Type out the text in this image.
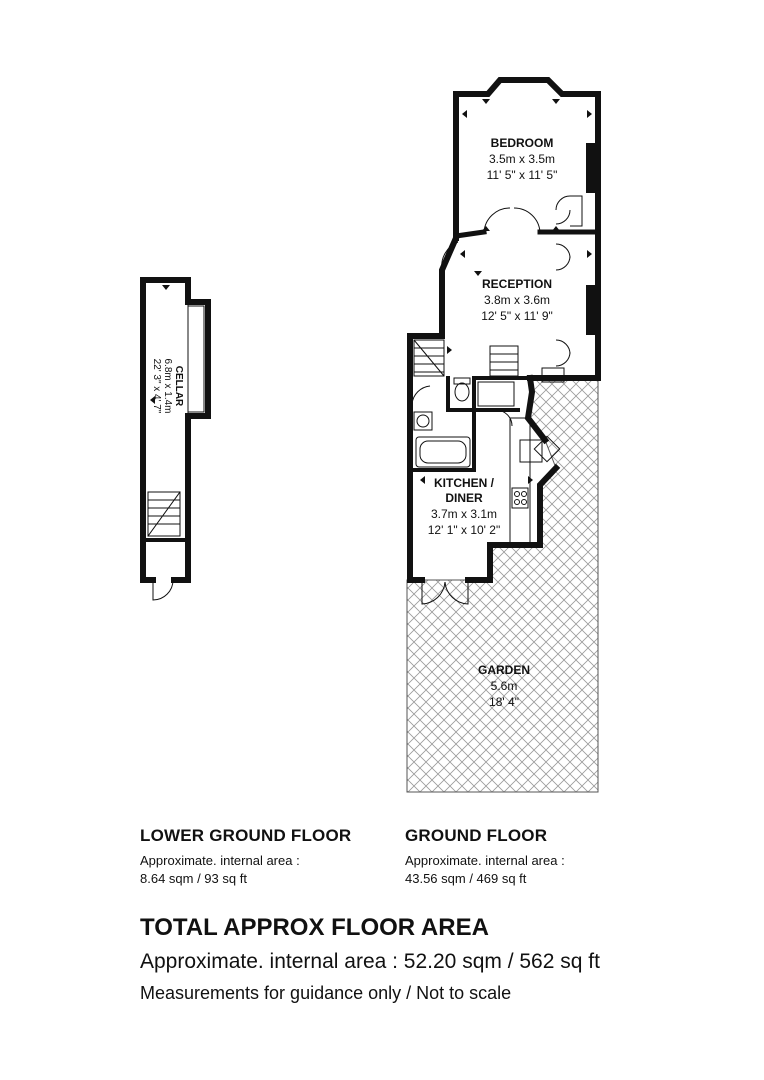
GARDEN
5.6m
18' 4"
BEDROOM
3.5m x 3.5m
11' 5" x 11' 5"
RECEPTION
3.8m x 3.6m
12' 5" x 11' 9"
KITCHEN /
DINER
3.7m x 3.1m
12' 1" x 10' 2"
CELLAR
6.8m x 1.4m
22' 3" x 4' 7"

LOWER GROUND FLOOR

Approximate. internal area :

8.64 sqm / 93 sq ft

GROUND FLOOR

Approximate. internal area :

43.56 sqm / 469 sq ft

TOTAL APPROX FLOOR AREA

Approximate. internal area : 52.20 sqm / 562 sq ft

Measurements for guidance only / Not to scale
